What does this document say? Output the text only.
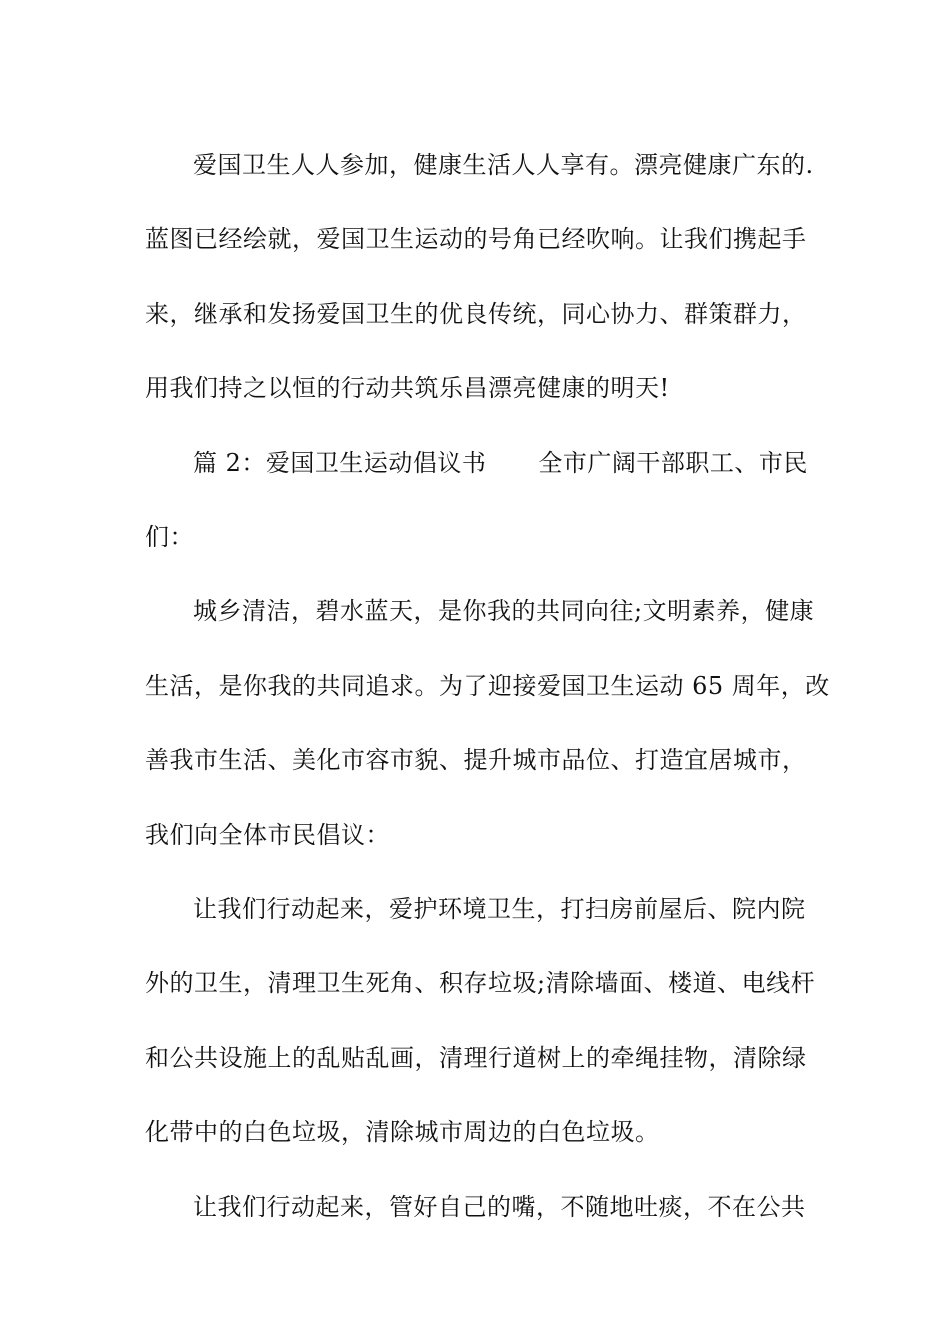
爱国卫生人人参加，健康生活人人享有。漂亮健康广东的.
蓝图已经绘就，爱国卫生运动的号角已经吹响。让我们携起手
来，继承和发扬爱国卫生的优良传统，同心协力、群策群力，
用我们持之以恒的行动共筑乐昌漂亮健康的明天!

篇 2：爱国卫生运动倡议书 全市广阔干部职工、市民
们：

城乡清洁，碧水蓝天，是你我的共同向往;文明素养，健康
生活，是你我的共同追求。为了迎接爱国卫生运动 65 周年，改
善我市生活、美化市容市貌、提升城市品位、打造宜居城市，
我们向全体市民倡议：

让我们行动起来，爱护环境卫生，打扫房前屋后、院内院
外的卫生，清理卫生死角、积存垃圾;清除墙面、楼道、电线杆
和公共设施上的乱贴乱画，清理行道树上的牵绳挂物，清除绿
化带中的白色垃圾，清除城市周边的白色垃圾。

让我们行动起来，管好自己的嘴，不随地吐痰，不在公共
